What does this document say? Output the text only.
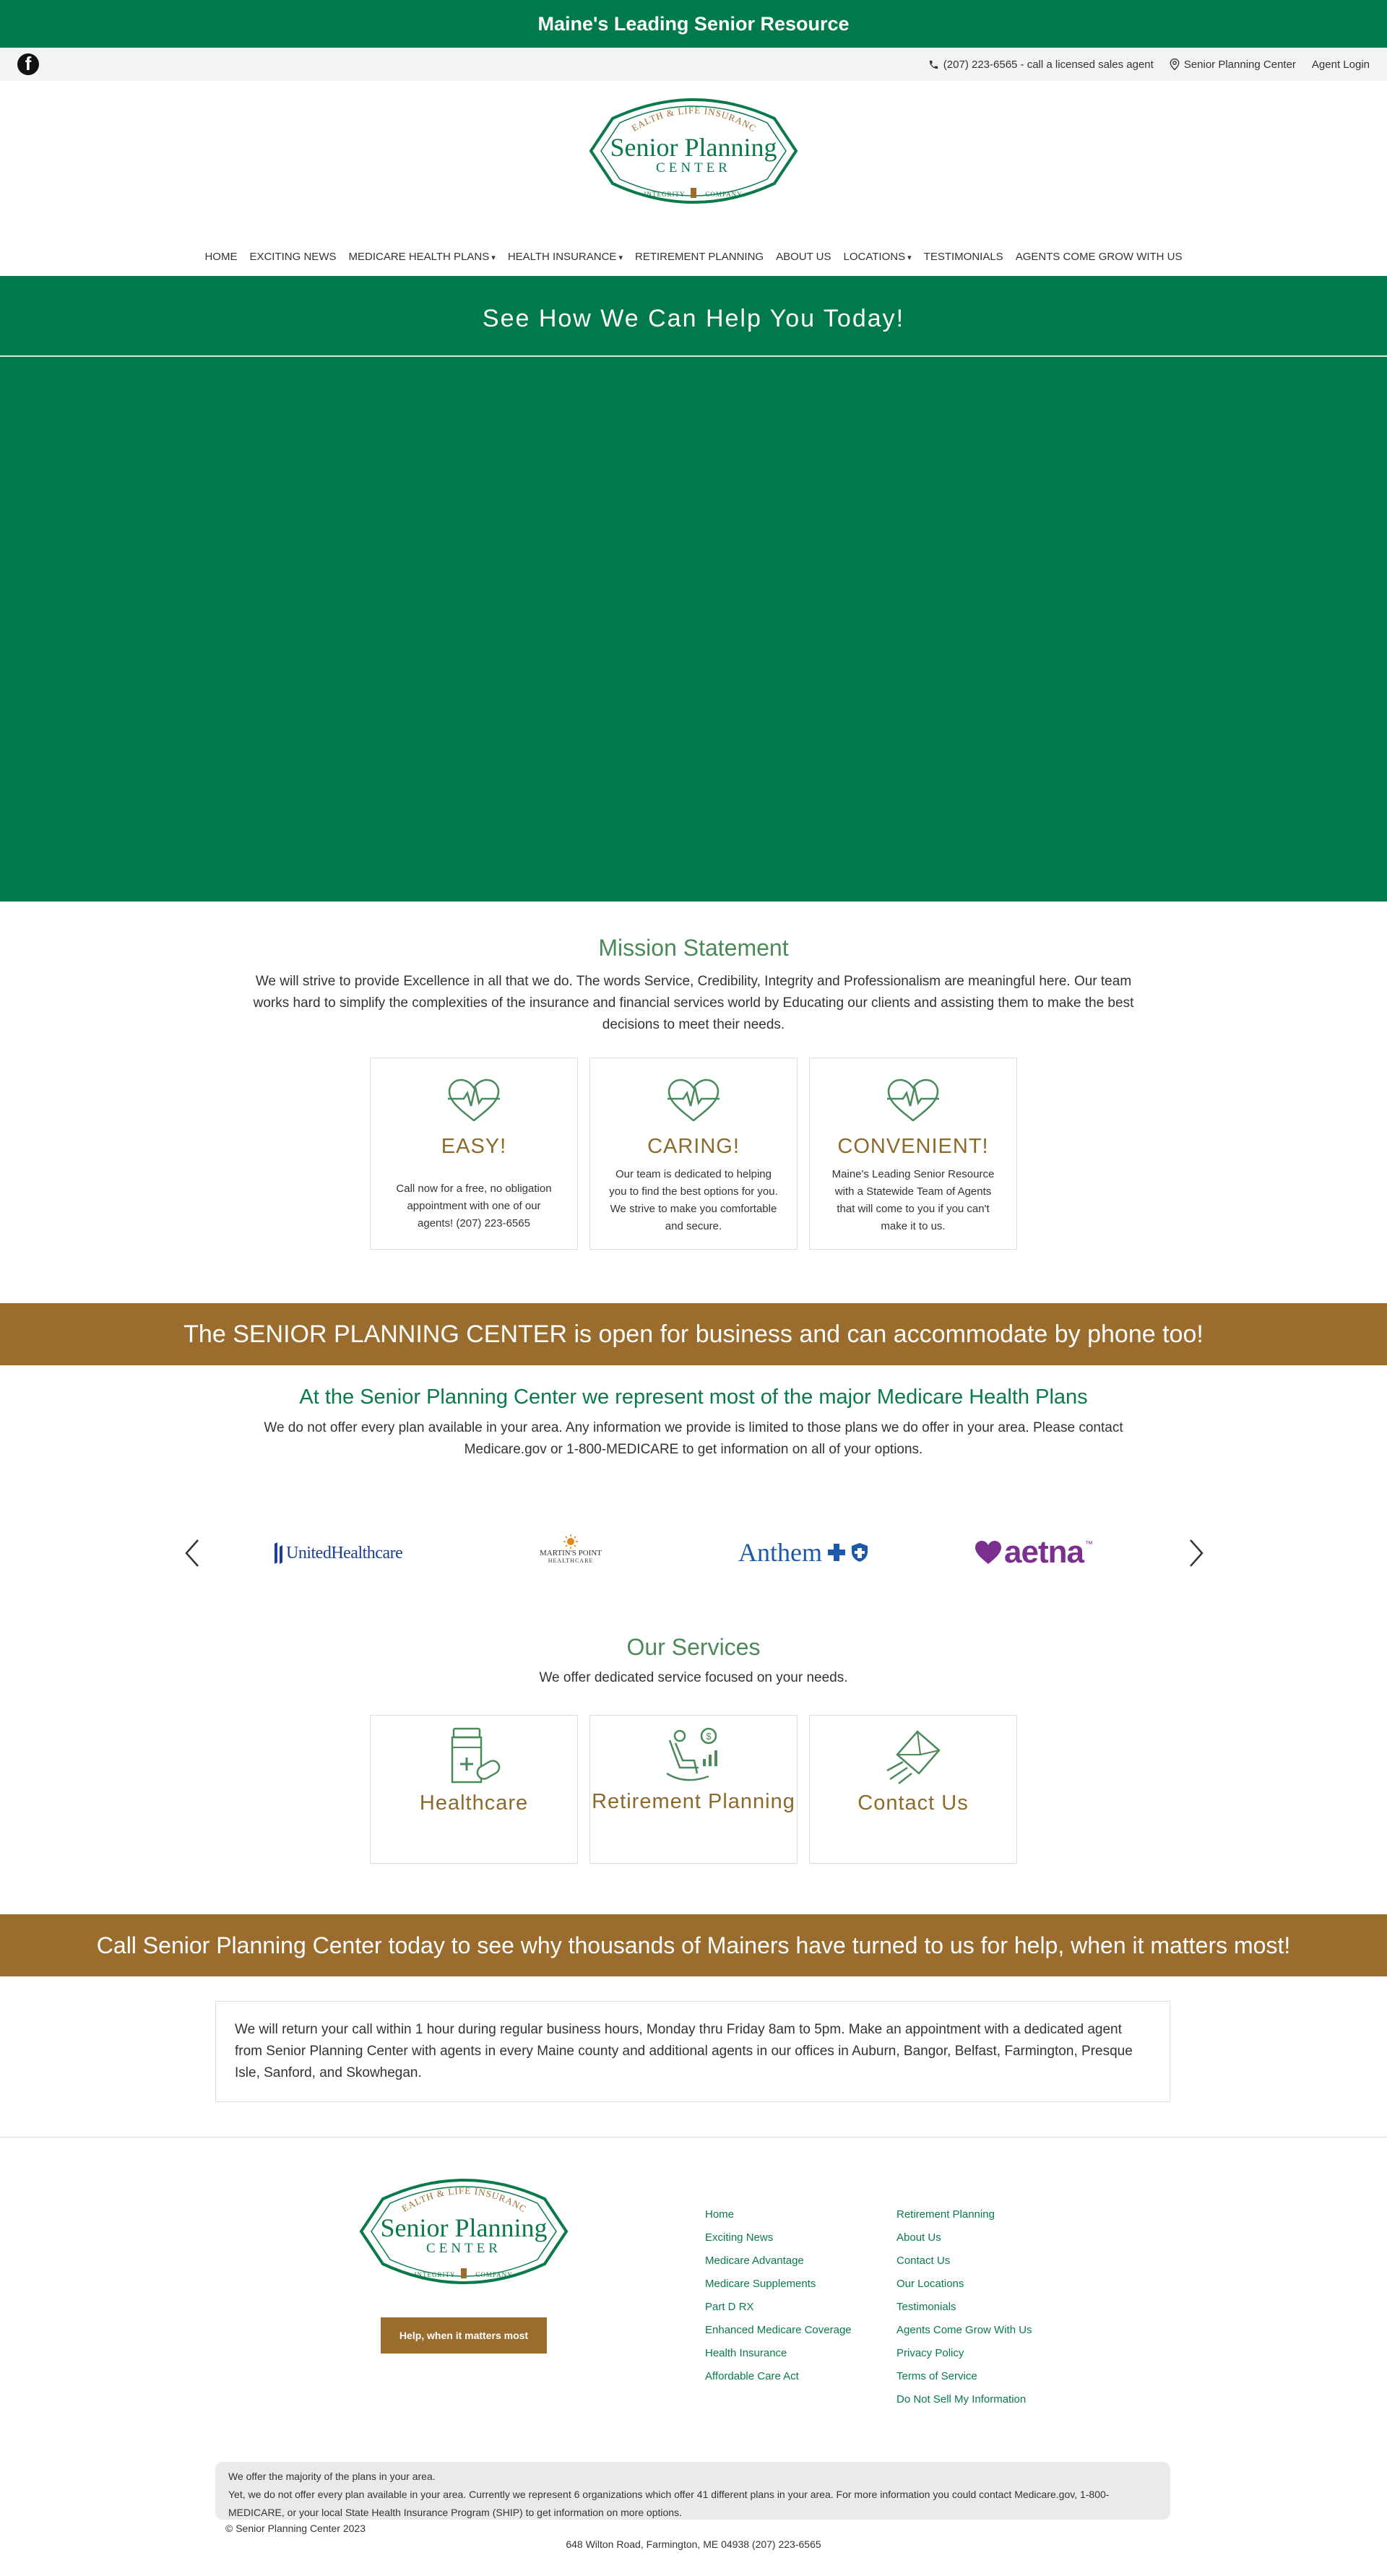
Maine's Leading Senior Resource
f	(207) 223-6565 - call a licensed sales agent	Senior Planning Center Agent Login
EALTH & LIFE INSURANC
Senior Planning
CENTER
INTEGRITY	COMPANY
HOME EXCITING NEWS MEDICARE HEALTH PLANS ▾	HEALTH INSURANCE ▾	RETIREMENT PLANNING ABOUT US LOCATIONS ▾	TESTIMONIALS AGENTS COME GROW WITH US
See How We Can Help You Today!
Mission Statement
We will strive to provide Excellence in all that we do. The words Service, Credibility, Integrity and Professionalism are meaningful here. Our team works hard to simplify the complexities of the insurance and financial services world by Educating our clients and assisting them to make the best decisions to meet their needs.
EASY!
Call now for a free, no obligation appointment with one of our agents! (207) 223-6565
CARING!
Our team is dedicated to helping you to find the best options for you. We strive to make you comfortable and secure.
CONVENIENT!
Maine's Leading Senior Resource with a Statewide Team of Agents that will come to you if you can't make it to us.
The SENIOR PLANNING CENTER is open for business and can accommodate by phone too!
At the Senior Planning Center we represent most of the major Medicare Health Plans
We do not offer every plan available in your area. Any information we provide is limited to those plans we do offer in your area. Please contact Medicare.gov or 1-800-MEDICARE to get information on all of your options.
UnitedHealthcare	MARTIN'S POINT
HEALTHCARE	Anthem	aetna ™
Our Services
We offer dedicated service focused on your needs.
Healthcare
$
Retirement Planning	Contact Us
Call Senior Planning Center today to see why thousands of Mainers have turned to us for help, when it matters most!
We will return your call within 1 hour during regular business hours, Monday thru Friday 8am to 5pm. Make an appointment with a dedicated agent from Senior Planning Center with agents in every Maine county and additional agents in our offices in Auburn, Bangor, Belfast, Farmington, Presque Isle, Sanford, and Skowhegan.
EALTH & LIFE INSURANC
Senior Planning
CENTER
INTEGRITY	COMPANY
Help, when it matters most
Home
Exciting News
Medicare Advantage
Medicare Supplements
Part D RX
Enhanced Medicare Coverage
Health Insurance
Affordable Care Act
Retirement Planning
About Us
Contact Us
Our Locations
Testimonials
Agents Come Grow With Us
Privacy Policy
Terms of Service
Do Not Sell My Information
We offer the majority of the plans in your area.
Yet, we do not offer every plan available in your area. Currently we represent 6 organizations which offer 41 different plans in your area. For more information you could contact Medicare.gov, 1-800-MEDICARE, or your local State Health Insurance Program (SHIP) to get information on more options.
© Senior Planning Center 2023
648 Wilton Road, Farmington, ME 04938 (207) 223-6565
